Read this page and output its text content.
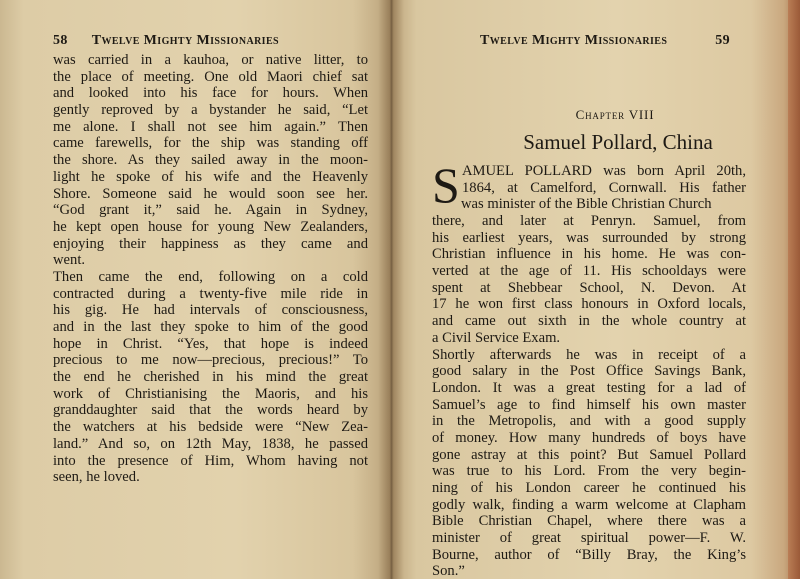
58 Twelve Mighty Missionaries
was carried in a kauhoa, or native litter, to
the place of meeting. One old Maori chief sat
and looked into his face for hours. When
gently reproved by a bystander he said, “Let
me alone. I shall not see him again.” Then
came farewells, for the ship was standing off
the shore. As they sailed away in the moon-
light he spoke of his wife and the Heavenly
Shore. Someone said he would soon see her.
“God grant it,” said he. Again in Sydney,
he kept open house for young New Zealanders,
enjoying their happiness as they came and
went.
Then came the end, following on a cold
contracted during a twenty-five mile ride in
his gig. He had intervals of consciousness,
and in the last they spoke to him of the good
hope in Christ. “Yes, that hope is indeed
precious to me now—precious, precious!” To
the end he cherished in his mind the great
work of Christianising the Maoris, and his
granddaughter said that the words heard by
the watchers at his bedside were “New Zea-
land.” And so, on 12th May, 1838, he passed
into the presence of Him, Whom having not
seen, he loved.
Twelve Mighty Missionaries	59
Chapter VIII
Samuel Pollard, China
S AMUEL POLLARD was born April 20th,
1864, at Camelford, Cornwall. His father
was minister of the Bible Christian Church
there, and later at Penryn. Samuel, from
his earliest years, was surrounded by strong
Christian influence in his home. He was con-
verted at the age of 11. His schooldays were
spent at Shebbear School, N. Devon. At
17 he won first class honours in Oxford locals,
and came out sixth in the whole country at
a Civil Service Exam.
Shortly afterwards he was in receipt of a
good salary in the Post Office Savings Bank,
London. It was a great testing for a lad of
Samuel’s age to find himself his own master
in the Metropolis, and with a good supply
of money. How many hundreds of boys have
gone astray at this point? But Samuel Pollard
was true to his Lord. From the very begin-
ning of his London career he continued his
godly walk, finding a warm welcome at Clapham
Bible Christian Chapel, where there was a
minister of great spiritual power—F. W.
Bourne, author of “Billy Bray, the King’s
Son.”
